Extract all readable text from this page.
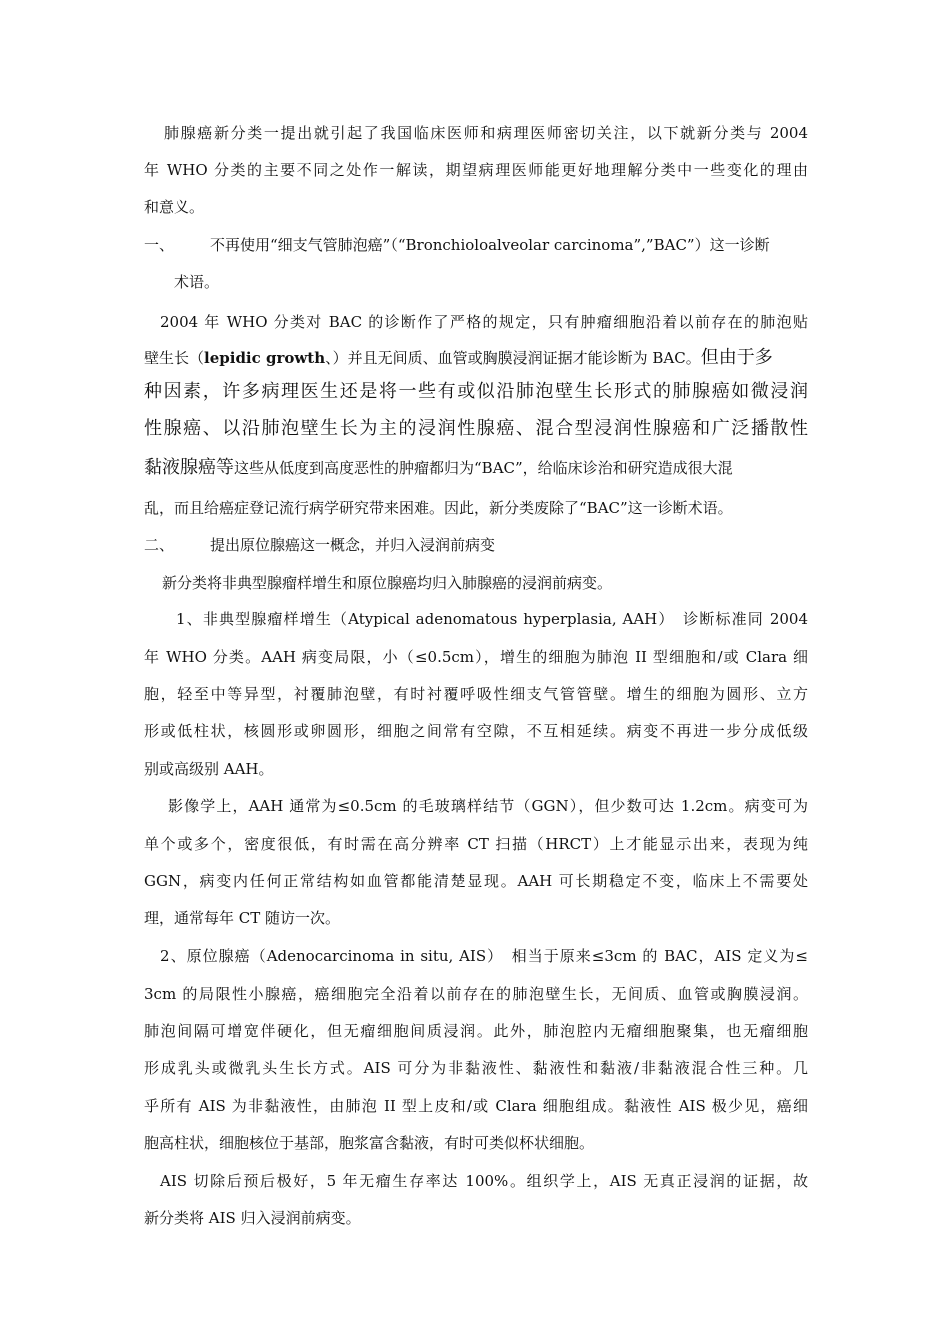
肺腺癌新分类一提出就引起了我国临床医师和病理医师密切关注，以下就新分类与 2004

年 WHO 分类的主要不同之处作一解读，期望病理医师能更好地理解分类中一些变化的理由

和意义。

一、 不再使用“细支气管肺泡癌”（“Bronchioloalveolar carcinoma”,”BAC”）这一诊断

术语。

2004 年 WHO 分类对 BAC 的诊断作了严格的规定，只有肿瘤细胞沿着以前存在的肺泡贴

壁生长（lepidic growth、）并且无间质、血管或胸膜浸润证据才能诊断为 BAC。但由于多

种因素，许多病理医生还是将一些有或似沿肺泡壁生长形式的肺腺癌如微浸润

性腺癌、以沿肺泡壁生长为主的浸润性腺癌、混合型浸润性腺癌和广泛播散性

黏液腺癌等这些从低度到高度恶性的肿瘤都归为“BAC”，给临床诊治和研究造成很大混

乱，而且给癌症登记流行病学研究带来困难。因此，新分类废除了“BAC”这一诊断术语。

二、 提出原位腺癌这一概念，并归入浸润前病变

新分类将非典型腺瘤样增生和原位腺癌均归入肺腺癌的浸润前病变。

1、非典型腺瘤样增生（Atypical adenomatous hyperplasia, AAH）　诊断标准同 2004

年 WHO 分类。AAH 病变局限，小（≤0.5cm），增生的细胞为肺泡 II 型细胞和/或 Clara 细

胞，轻至中等异型，衬覆肺泡壁，有时衬覆呼吸性细支气管管壁。增生的细胞为圆形、立方

形或低柱状，核圆形或卵圆形，细胞之间常有空隙，不互相延续。病变不再进一步分成低级

别或高级别 AAH。

影像学上，AAH 通常为≤0.5cm 的毛玻璃样结节（GGN），但少数可达 1.2cm。病变可为

单个或多个，密度很低，有时需在高分辨率 CT 扫描（HRCT）上才能显示出来，表现为纯

GGN，病变内任何正常结构如血管都能清楚显现。AAH 可长期稳定不变，临床上不需要处

理，通常每年 CT 随访一次。

2、原位腺癌（Adenocarcinoma in situ, AIS）　相当于原来≤3cm 的 BAC，AIS 定义为≤

3cm 的局限性小腺癌，癌细胞完全沿着以前存在的肺泡壁生长，无间质、血管或胸膜浸润。

肺泡间隔可增宽伴硬化，但无瘤细胞间质浸润。此外，肺泡腔内无瘤细胞聚集，也无瘤细胞

形成乳头或微乳头生长方式。AIS 可分为非黏液性、黏液性和黏液/非黏液混合性三种。几

乎所有 AIS 为非黏液性，由肺泡 II 型上皮和/或 Clara 细胞组成。黏液性 AIS 极少见，癌细

胞高柱状，细胞核位于基部，胞浆富含黏液，有时可类似杯状细胞。

AIS 切除后预后极好，5 年无瘤生存率达 100%。组织学上，AIS 无真正浸润的证据，故

新分类将 AIS 归入浸润前病变。
